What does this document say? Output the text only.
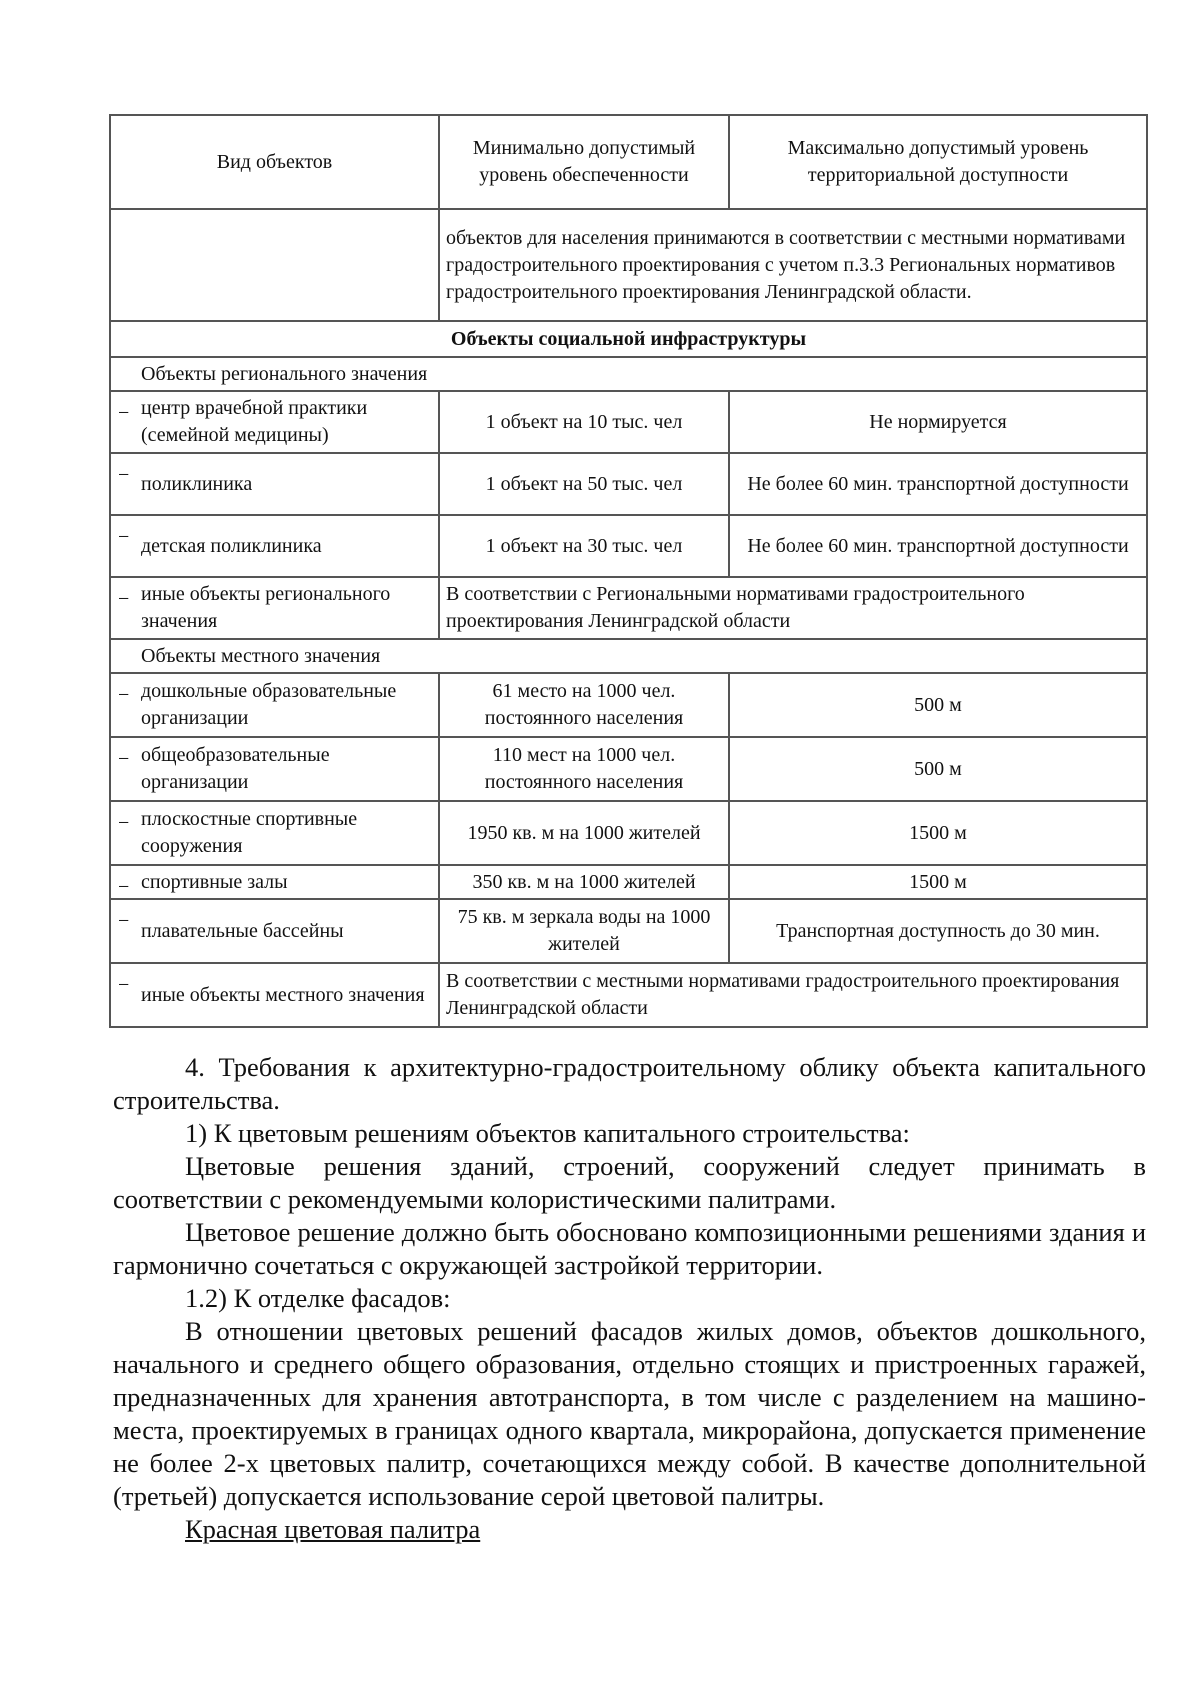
Вид объектов	Минимально допустимый уровень обеспеченности	Максимально допустимый уровень территориальной доступности
	объектов для населения принимаются в соответствии с местными нормативами градостроительного проектирования с учетом п.3.3 Региональных нормативов градостроительного проектирования Ленинградской области.	
Объекты социальной инфраструктуры		
Объекты регионального значения		

− центр врачебной практики (семейной медицины)	1 объект на 10 тыс. чел	Не нормируется

− поликлиника	1 объект на 50 тыс. чел	Не более 60 мин. транспортной доступности

− детская поликлиника	1 объект на 30 тыс. чел	Не более 60 мин. транспортной доступности

− иные объекты регионального значения	В соответствии с Региональными нормативами градостроительного проектирования Ленинградской области	
Объекты местного значения		

− дошкольные образовательные организации	61 место на 1000 чел. постоянного населения	500 м

− общеобразовательные организации	110 мест на 1000 чел. постоянного населения	500 м

− плоскостные спортивные сооружения	1950 кв. м на 1000 жителей	1500 м

− спортивные залы	350 кв. м на 1000 жителей	1500 м

− плавательные бассейны	75 кв. м зеркала воды на 1000 жителей	Транспортная доступность до 30 мин.

− иные объекты местного значения	В соответствии с местными нормативами градостроительного проектирования Ленинградской области	

4. Требования к архитектурно-градостроительному облику объекта капитального строительства.

1) К цветовым решениям объектов капитального строительства:

Цветовые решения зданий, строений, сооружений следует принимать в соответствии с рекомендуемыми колористическими палитрами.

Цветовое решение должно быть обосновано композиционными решениями здания и гармонично сочетаться с окружающей застройкой территории.

1.2) К отделке фасадов:

В отношении цветовых решений фасадов жилых домов, объектов дошкольного, начального и среднего общего образования, отдельно стоящих и пристроенных гаражей, предназначенных для хранения автотранспорта, в том числе с разделением на машино-места, проектируемых в границах одного квартала, микрорайона, допускается применение не более 2-х цветовых палитр, сочетающихся между собой. В качестве дополнительной (третьей) допускается использование серой цветовой палитры.

Красная цветовая палитра
